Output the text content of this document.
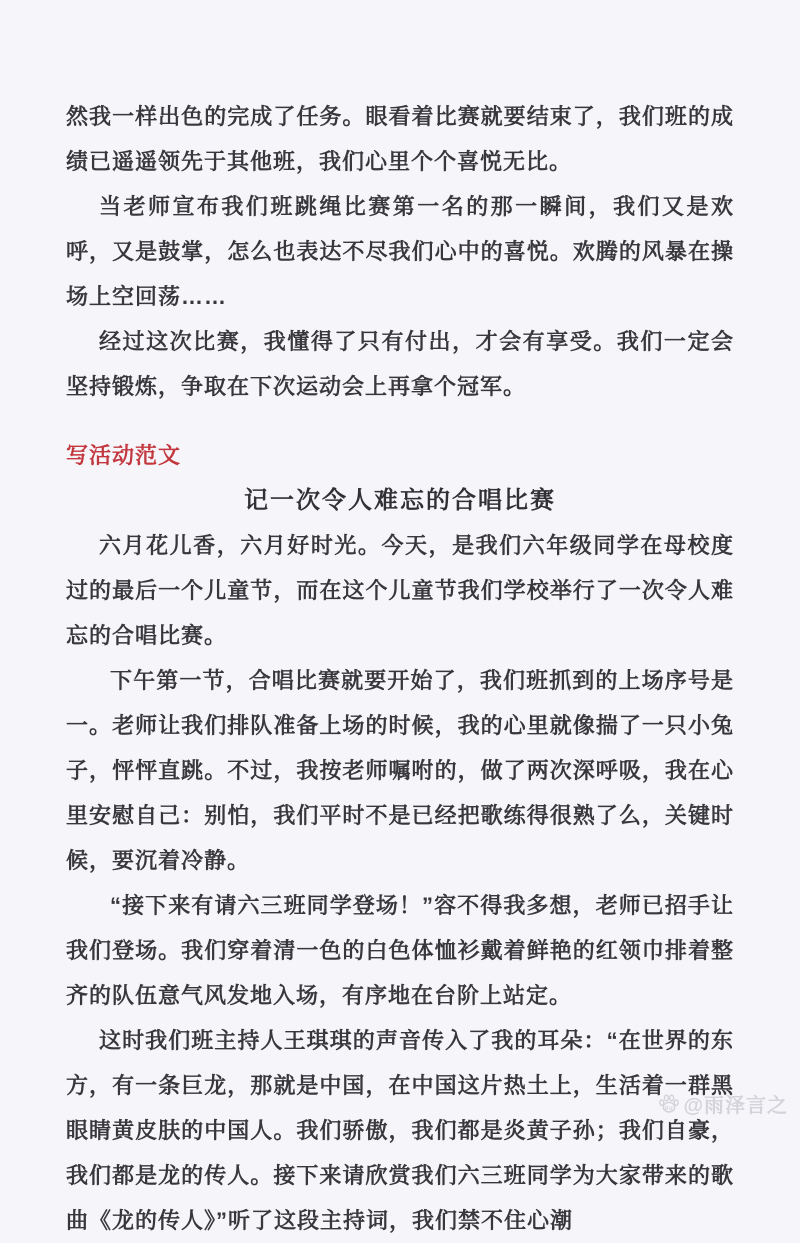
然我一样出色的完成了任务。眼看着比赛就要结束了，我们班的成绩已遥遥领先于其他班，我们心里个个喜悦无比。

当老师宣布我们班跳绳比赛第一名的那一瞬间，我们又是欢呼，又是鼓掌，怎么也表达不尽我们心中的喜悦。欢腾的风暴在操场上空回荡……

经过这次比赛，我懂得了只有付出，才会有享受。我们一定会坚持锻炼，争取在下次运动会上再拿个冠军。

写活动范文
记一次令人难忘的合唱比赛

六月花儿香，六月好时光。今天，是我们六年级同学在母校度过的最后一个儿童节，而在这个儿童节我们学校举行了一次令人难忘的合唱比赛。

下午第一节，合唱比赛就要开始了，我们班抓到的上场序号是一。老师让我们排队准备上场的时候，我的心里就像揣了一只小兔子，怦怦直跳。不过，我按老师嘱咐的，做了两次深呼吸，我在心里安慰自己：别怕，我们平时不是已经把歌练得很熟了么，关键时候，要沉着冷静。

“接下来有请六三班同学登场！”容不得我多想，老师已招手让我们登场。我们穿着清一色的白色体恤衫戴着鲜艳的红领巾排着整齐的队伍意气风发地入场，有序地在台阶上站定。

这时我们班主持人王琪琪的声音传入了我的耳朵：“在世界的东方，有一条巨龙，那就是中国，在中国这片热土上，生活着一群黑眼睛黄皮肤的中国人。我们骄傲，我们都是炎黄子孙；我们自豪，我们都是龙的传人。接下来请欣赏我们六三班同学为大家带来的歌曲《龙的传人》”听了这段主持词，我们禁不住心潮

du @雨泽言之
